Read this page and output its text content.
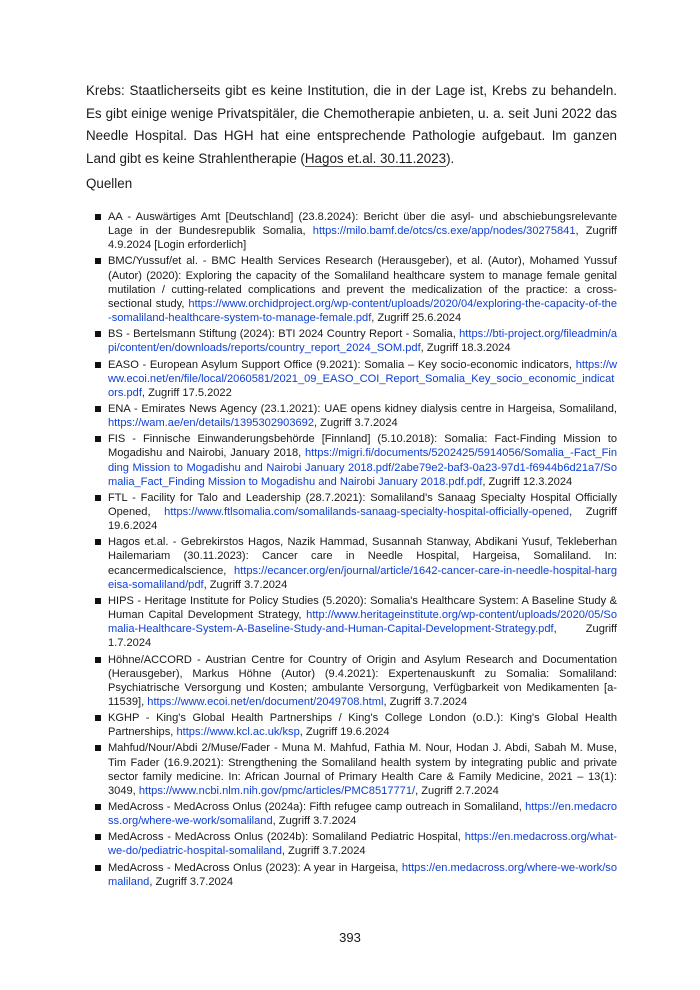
Krebs: Staatlicherseits gibt es keine Institution, die in der Lage ist, Krebs zu behandeln. Es gibt einige wenige Privatspitäler, die Chemotherapie anbieten, u. a. seit Juni 2022 das Needle Hospital. Das HGH hat eine entsprechende Pathologie aufgebaut. Im ganzen Land gibt es keine Strahlentherapie (Hagos et.al. 30.11.2023).

Quellen

AA - Auswärtiges Amt [Deutschland] (23.8.2024): Bericht über die asyl- und abschiebungsrelevante Lage in der Bundesrepublik Somalia, https://milo.bamf.de/otcs/cs.exe/app/nodes/30275841, Zugriff 4.9.2024 [Login erforderlich]
BMC/Yussuf/et al. - BMC Health Services Research (Herausgeber), et al. (Autor), Mohamed Yussuf (Autor) (2020): Exploring the capacity of the Somaliland healthcare system to manage female genital mutilation / cutting-related complications and prevent the medicalization of the practice: a cross-sectional study, https://www.orchidproject.org/wp-content/uploads/2020/04/exploring-the-capacity-of-the-somaliland-healthcare-system-to-manage-female.pdf, Zugriff 25.6.2024
BS - Bertelsmann Stiftung (2024): BTI 2024 Country Report - Somalia, https://bti-project.org/fileadmin/api/content/en/downloads/reports/country_report_2024_SOM.pdf, Zugriff 18.3.2024
EASO - European Asylum Support Office (9.2021): Somalia – Key socio-economic indicators, https://www.ecoi.net/en/file/local/2060581/2021_09_EASO_COI_Report_Somalia_Key_socio_economic_indicators.pdf, Zugriff 17.5.2022
ENA - Emirates News Agency (23.1.2021): UAE opens kidney dialysis centre in Hargeisa, Somaliland, https://wam.ae/en/details/1395302903692, Zugriff 3.7.2024
FIS - Finnische Einwanderungsbehörde [Finnland] (5.10.2018): Somalia: Fact-Finding Mission to Mogadishu and Nairobi, January 2018, https://migri.fi/documents/5202425/5914056/Somalia_-Fact_Finding Mission to Mogadishu and Nairobi January 2018.pdf/2abe79e2-baf3-0a23-97d1-f6944b6d21a7/Somalia_Fact_Finding Mission to Mogadishu and Nairobi January 2018.pdf.pdf, Zugriff 12.3.2024
FTL - Facility for Talo and Leadership (28.7.2021): Somaliland's Sanaag Specialty Hospital Officially Opened, https://www.ftlsomalia.com/somalilands-sanaag-specialty-hospital-officially-opened, Zugriff 19.6.2024
Hagos et.al. - Gebrekirstos Hagos, Nazik Hammad, Susannah Stanway, Abdikani Yusuf, Tekleberhan Hailemariam (30.11.2023): Cancer care in Needle Hospital, Hargeisa, Somaliland. In: ecancermedicalscience, https://ecancer.org/en/journal/article/1642-cancer-care-in-needle-hospital-hargeisa-somaliland/pdf, Zugriff 3.7.2024
HIPS - Heritage Institute for Policy Studies (5.2020): Somalia's Healthcare System: A Baseline Study & Human Capital Development Strategy, http://www.heritageinstitute.org/wp-content/uploads/2020/05/Somalia-Healthcare-System-A-Baseline-Study-and-Human-Capital-Development-Strategy.pdf, Zugriff 1.7.2024
Höhne/ACCORD - Austrian Centre for Country of Origin and Asylum Research and Documentation (Herausgeber), Markus Höhne (Autor) (9.4.2021): Expertenauskunft zu Somalia: Somaliland: Psychiatrische Versorgung und Kosten; ambulante Versorgung, Verfügbarkeit von Medikamenten [a-11539], https://www.ecoi.net/en/document/2049708.html, Zugriff 3.7.2024
KGHP - King's Global Health Partnerships / King's College London (o.D.): King's Global Health Partnerships, https://www.kcl.ac.uk/ksp, Zugriff 19.6.2024
Mahfud/Nour/Abdi 2/Muse/Fader - Muna M. Mahfud, Fathia M. Nour, Hodan J. Abdi, Sabah M. Muse, Tim Fader (16.9.2021): Strengthening the Somaliland health system by integrating public and private sector family medicine. In: African Journal of Primary Health Care & Family Medicine, 2021 – 13(1): 3049, https://www.ncbi.nlm.nih.gov/pmc/articles/PMC8517771/, Zugriff 2.7.2024
MedAcross - MedAcross Onlus (2024a): Fifth refugee camp outreach in Somaliland, https://en.medacross.org/where-we-work/somaliland, Zugriff 3.7.2024
MedAcross - MedAcross Onlus (2024b): Somaliland Pediatric Hospital, https://en.medacross.org/what-we-do/pediatric-hospital-somaliland, Zugriff 3.7.2024
MedAcross - MedAcross Onlus (2023): A year in Hargeisa, https://en.medacross.org/where-we-work/somaliland, Zugriff 3.7.2024
393
